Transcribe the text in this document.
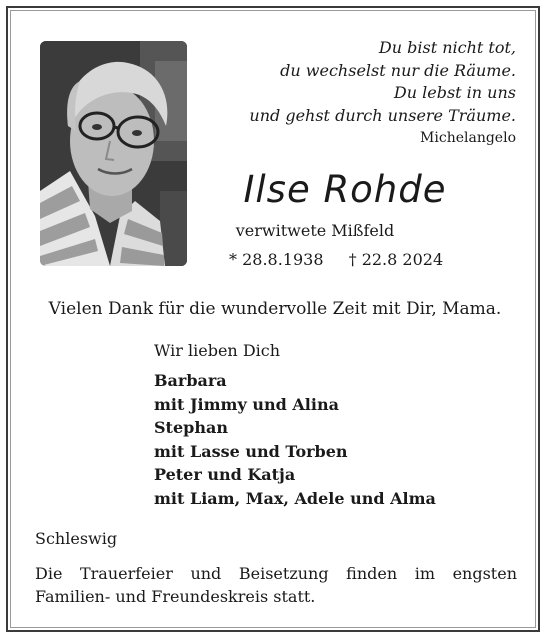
Du bist nicht tot,
du wechselst nur die Räume.
Du lebst in uns
und gehst durch unsere Träume.
Michelangelo
Ilse Rohde
verwitwete Mißfeld
* 28.8.1938 † 22.8 2024
Vielen Dank für die wundervolle Zeit mit Dir, Mama.
Wir lieben Dich
Barbara
mit Jimmy und Alina
Stephan
mit Lasse und Torben
Peter und Katja
mit Liam, Max, Adele und Alma
Schleswig
Die Trauerfeier und Beisetzung finden im engsten Familien- und Freundeskreis statt.
